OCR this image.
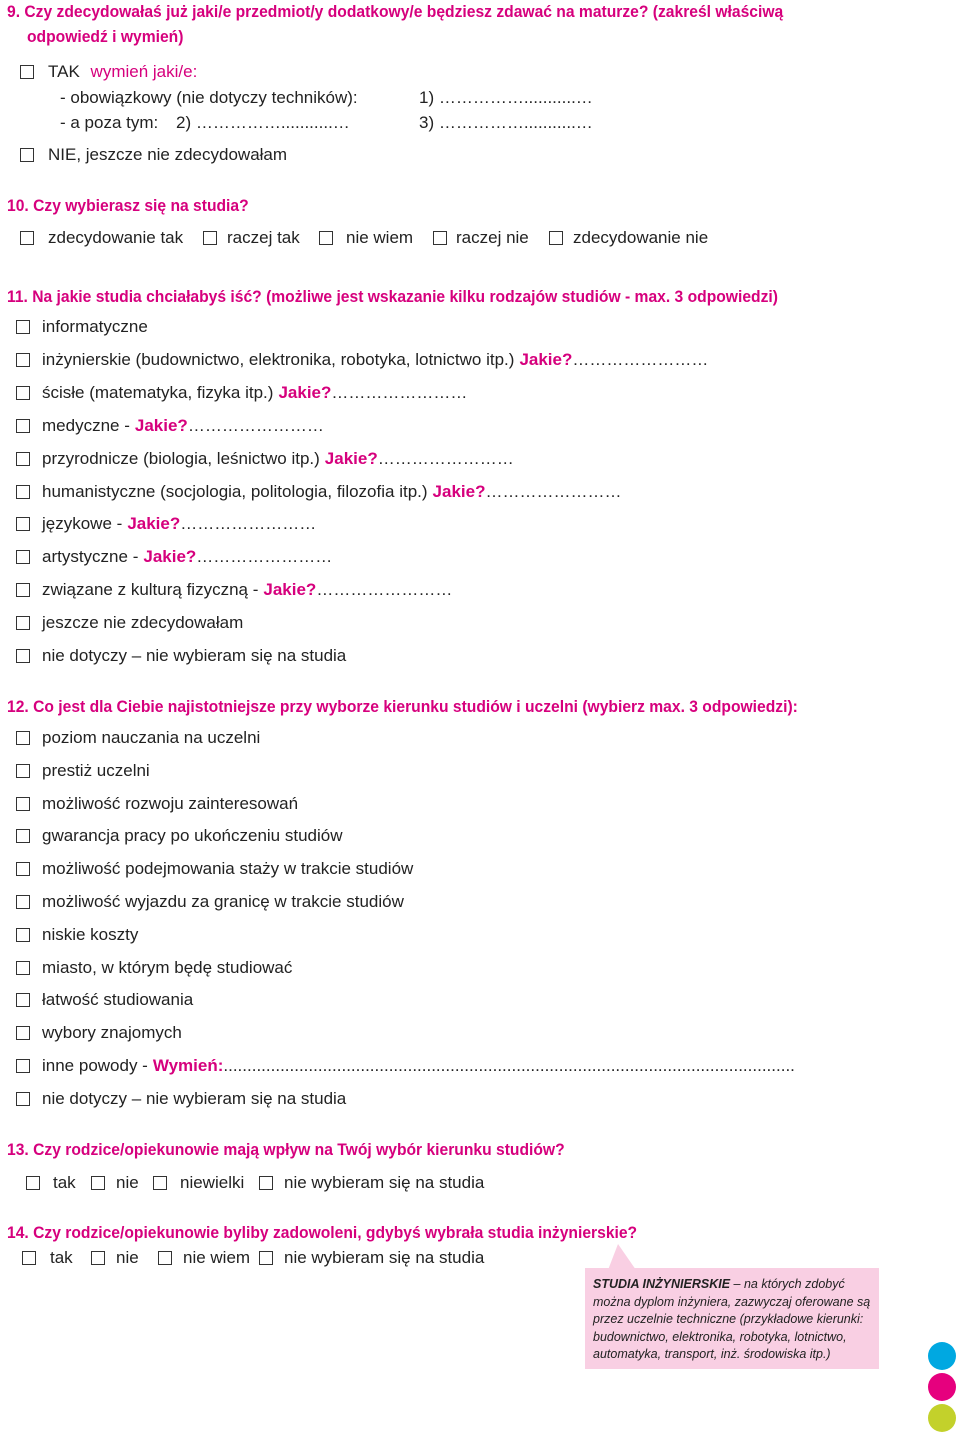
9. Czy zdecydowałaś już jaki/e przedmiot/y dodatkowy/e będziesz zdawać na maturze? (zakreśl właściwą
odpowiedź i wymień)
TAK wymień jaki/e:
- obowiązkowy (nie dotyczy techników):	1) ……………...........…
- a poza tym: 2) ……………...........…	3) ……………...........…
NIE, jeszcze nie zdecydowałam
10. Czy wybierasz się na studia?
zdecydowanie tak	raczej tak	nie wiem	raczej nie	zdecydowanie nie
11. Na jakie studia chciałabyś iść? (możliwe jest wskazanie kilku rodzajów studiów - max. 3 odpowiedzi)
informatyczne
inżynierskie (budownictwo, elektronika, robotyka, lotnictwo itp.) Jakie? ……………………
ścisłe (matematyka, fizyka itp.) Jakie? ……………………
medyczne - Jakie? ……………………
przyrodnicze (biologia, leśnictwo itp.) Jakie? ……………………
humanistyczne (socjologia, politologia, filozofia itp.) Jakie? ……………………
językowe - Jakie? ……………………
artystyczne - Jakie? ……………………
związane z kulturą fizyczną - Jakie? ……………………
jeszcze nie zdecydowałam
nie dotyczy – nie wybieram się na studia
12. Co jest dla Ciebie najistotniejsze przy wyborze kierunku studiów i uczelni (wybierz max. 3 odpowiedzi):
poziom nauczania na uczelni
prestiż uczelni
możliwość rozwoju zainteresowań
gwarancja pracy po ukończeniu studiów
możliwość podejmowania staży w trakcie studiów
możliwość wyjazdu za granicę w trakcie studiów
niskie koszty
miasto, w którym będę studiować
łatwość studiowania
wybory znajomych
inne powody - Wymień: .........................................................................................................................
nie dotyczy – nie wybieram się na studia
13. Czy rodzice/opiekunowie mają wpływ na Twój wybór kierunku studiów?
tak nie niewielki nie wybieram się na studia
14. Czy rodzice/opiekunowie byliby zadowoleni, gdybyś wybrała studia inżynierskie?
tak	nie	nie wiem nie wybieram się na studia
STUDIA INŻYNIERSKIE – na których zdobyć można dyplom inżyniera, zazwyczaj oferowane są przez uczelnie techniczne (przykładowe kierunki: budownictwo, elektronika, robotyka, lotnictwo, automatyka, transport, inż. środowiska itp.)
